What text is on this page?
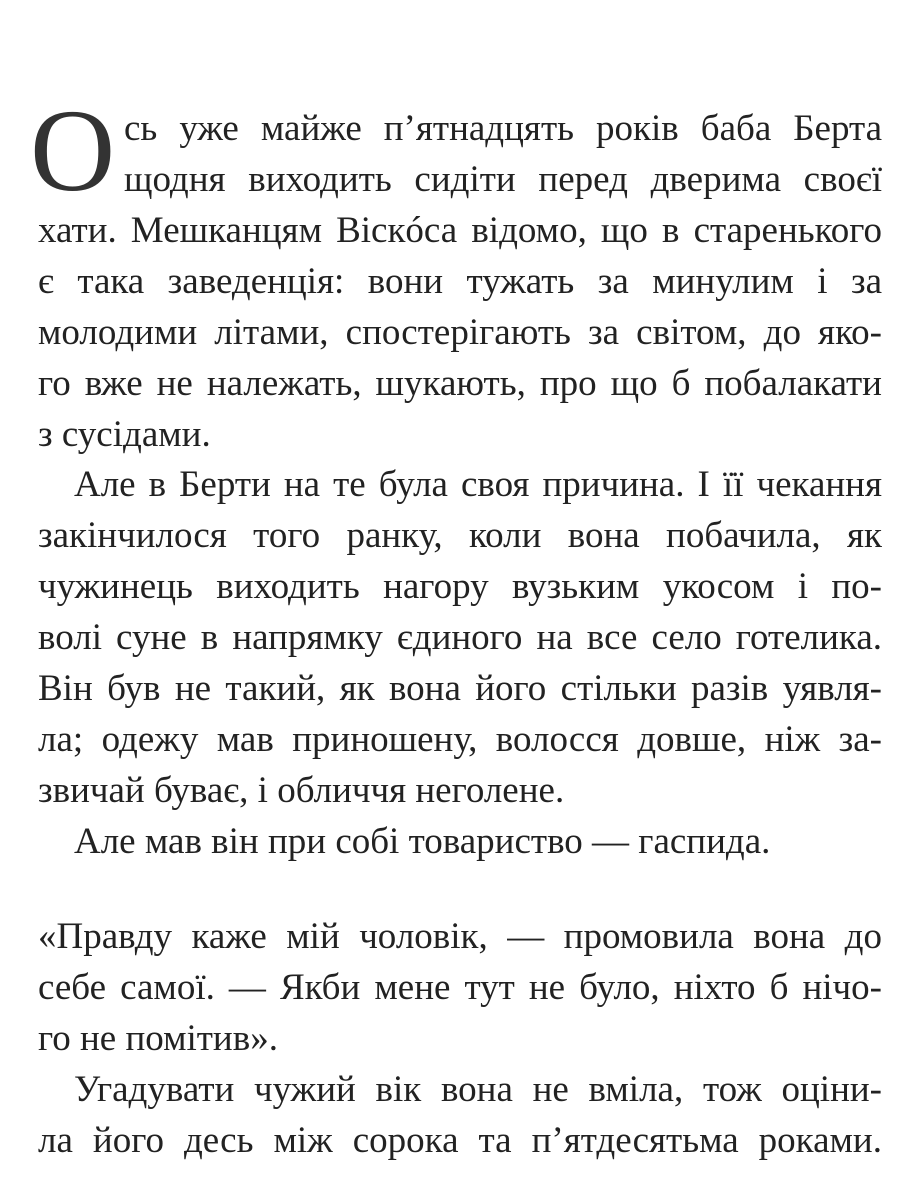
О сь уже майже п’ятнадцять років баба Берта
щодня виходить сидіти перед дверима своєї
хати. Мешканцям Віскóса відомо, що в старенького
є така заведенція: вони тужать за минулим і за
молодими літами, спостерігають за світом, до яко-
го вже не належать, шукають, про що б побалакати
з сусідами.
Але в Берти на те була своя причина. І її чекання
закінчилося того ранку, коли вона побачила, як
чужинець виходить нагору вузьким укосом і по-
волі суне в напрямку єдиного на все село готелика.
Він був не такий, як вона його стільки разів уявля-
ла; одежу мав приношену, волосся довше, ніж за-
звичай буває, і обличчя неголене.
Але мав він при собі товариство — гаспида.
«Правду каже мій чоловік, — промовила вона до
себе самої. — Якби мене тут не було, ніхто б нічо-
го не помітив».
Угадувати чужий вік вона не вміла, тож оціни-
ла його десь між сорока та п’ятдесятьма роками.
